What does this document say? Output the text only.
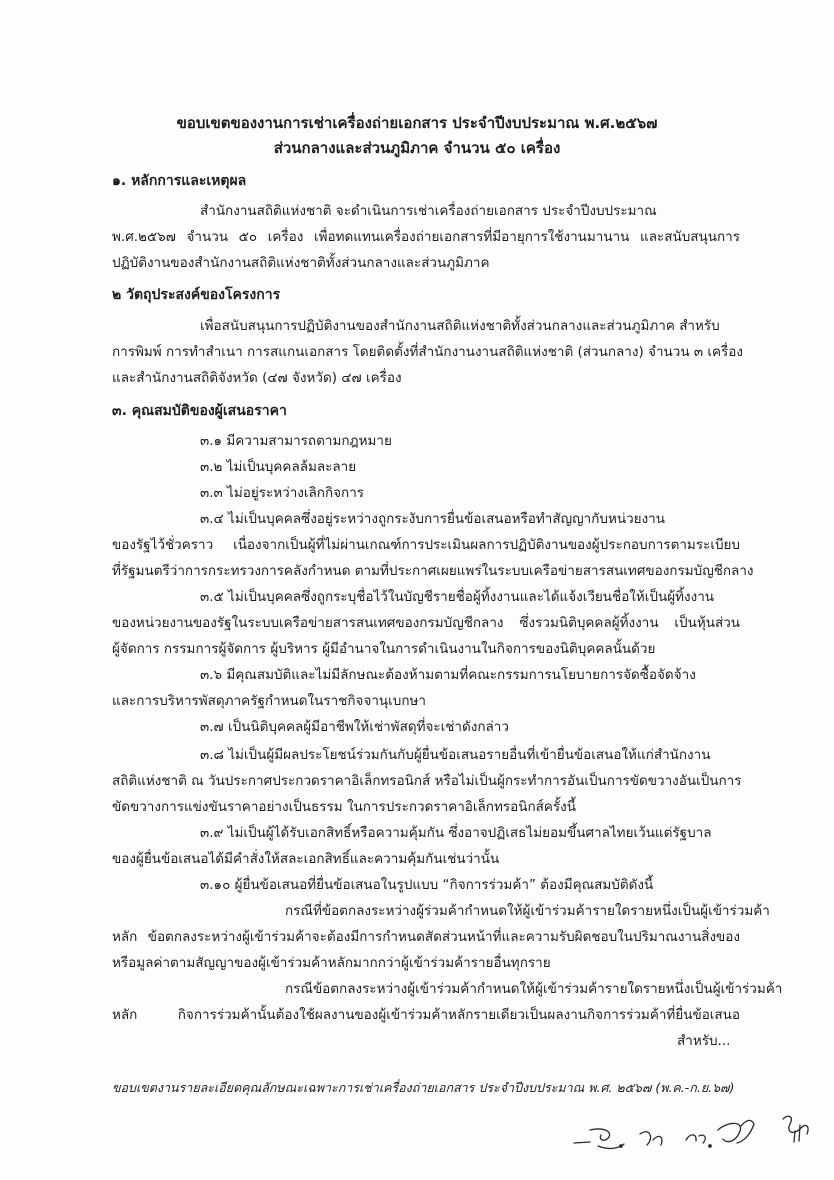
ขอบเขตของงานการเช่าเครื่องถ่ายเอกสาร ประจำปีงบประมาณ พ.ศ.๒๕๖๗
ส่วนกลางและส่วนภูมิภาค จำนวน ๕๐ เครื่อง
๑. หลักการและเหตุผล
สำนักงานสถิติแห่งชาติ จะดำเนินการเช่าเครื่องถ่ายเอกสาร ประจำปีงบประมาณ
พ.ศ.๒๕๖๗ จำนวน ๕๐ เครื่อง เพื่อทดแทนเครื่องถ่ายเอกสารที่มีอายุการใช้งานมานาน และสนับสนุนการ
ปฏิบัติงานของสำนักงานสถิติแห่งชาติทั้งส่วนกลางและส่วนภูมิภาค
๒ วัตถุประสงค์ของโครงการ
เพื่อสนับสนุนการปฏิบัติงานของสำนักงานสถิติแห่งชาติทั้งส่วนกลางและส่วนภูมิภาค สำหรับ
การพิมพ์ การทำสำเนา การสแกนเอกสาร โดยติดตั้งที่สำนักงานงานสถิติแห่งชาติ (ส่วนกลาง) จำนวน ๓ เครื่อง
และสำนักงานสถิติจังหวัด (๔๗ จังหวัด) ๔๗ เครื่อง
๓. คุณสมบัติของผู้เสนอราคา
๓.๑ มีความสามารถตามกฎหมาย
๓.๒ ไม่เป็นบุคคลล้มละลาย
๓.๓ ไม่อยู่ระหว่างเลิกกิจการ
๓.๔ ไม่เป็นบุคคลซึ่งอยู่ระหว่างถูกระงับการยื่นข้อเสนอหรือทำสัญญากับหน่วยงาน
ของรัฐไว้ชั่วคราว เนื่องจากเป็นผู้ที่ไม่ผ่านเกณฑ์การประเมินผลการปฏิบัติงานของผู้ประกอบการตามระเบียบ
ที่รัฐมนตรีว่าการกระทรวงการคลังกำหนด ตามที่ประกาศเผยแพร่ในระบบเครือข่ายสารสนเทศของกรมบัญชีกลาง
๓.๕ ไม่เป็นบุคคลซึ่งถูกระบุชื่อไว้ในบัญชีรายชื่อผู้ทิ้งงานและได้แจ้งเวียนชื่อให้เป็นผู้ทิ้งงาน
ของหน่วยงานของรัฐในระบบเครือข่ายสารสนเทศของกรมบัญชีกลาง ซึ่งรวมนิติบุคคลผู้ทิ้งงาน เป็นหุ้นส่วน
ผู้จัดการ กรรมการผู้จัดการ ผู้บริหาร ผู้มีอำนาจในการดำเนินงานในกิจการของนิติบุคคลนั้นด้วย
๓.๖ มีคุณสมบัติและไม่มีลักษณะต้องห้ามตามที่คณะกรรมการนโยบายการจัดซื้อจัดจ้าง
และการบริหารพัสดุภาครัฐกำหนดในราชกิจจานุเบกษา
๓.๗ เป็นนิติบุคคลผู้มีอาชีพให้เช่าพัสดุที่จะเช่าดังกล่าว
๓.๘ ไม่เป็นผู้มีผลประโยชน์ร่วมกันกับผู้ยื่นข้อเสนอรายอื่นที่เข้ายื่นข้อเสนอให้แก่สำนักงาน
สถิติแห่งชาติ ณ วันประกาศประกวดราคาอิเล็กทรอนิกส์ หรือไม่เป็นผู้กระทำการอันเป็นการขัดขวางอันเป็นการ
ขัดขวางการแข่งขันราคาอย่างเป็นธรรม ในการประกวดราคาอิเล็กทรอนิกส์ครั้งนี้
๓.๙ ไม่เป็นผู้ได้รับเอกสิทธิ์หรือความคุ้มกัน ซึ่งอาจปฏิเสธไม่ยอมขึ้นศาลไทยเว้นแต่รัฐบาล
ของผู้ยื่นข้อเสนอได้มีคำสั่งให้สละเอกสิทธิ์และความคุ้มกันเช่นว่านั้น
๓.๑๐ ผู้ยื่นข้อเสนอที่ยื่นข้อเสนอในรูปแบบ “กิจการร่วมค้า” ต้องมีคุณสมบัติดังนี้
กรณีที่ข้อตกลงระหว่างผู้ร่วมค้ากำหนดให้ผู้เข้าร่วมค้ารายใดรายหนึ่งเป็นผู้เข้าร่วมค้า
หลัก ข้อตกลงระหว่างผู้เข้าร่วมค้าจะต้องมีการกำหนดสัดส่วนหน้าที่และความรับผิดชอบในปริมาณงานสิ่งของ
หรือมูลค่าตามสัญญาของผู้เข้าร่วมค้าหลักมากกว่าผู้เข้าร่วมค้ารายอื่นทุกราย
กรณีข้อตกลงระหว่างผู้เข้าร่วมค้ากำหนดให้ผู้เข้าร่วมค้ารายใดรายหนึ่งเป็นผู้เข้าร่วมค้า
หลัก กิจการร่วมค้านั้นต้องใช้ผลงานของผู้เข้าร่วมค้าหลักรายเดียวเป็นผลงานกิจการร่วมค้าที่ยื่นข้อเสนอ
สำหรับ...
ขอบเขตงานรายละเอียดคุณลักษณะเฉพาะการเช่าเครื่องถ่ายเอกสาร ประจำปีงบประมาณ พ.ศ. ๒๕๖๗ (พ.ค.-ก.ย.๖๗)
